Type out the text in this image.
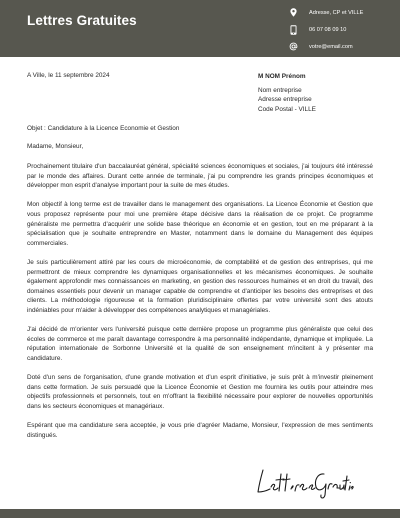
Lettres Gratuites
Adresse, CP et VILLE
06 07 08 09 10
votre@email.com
A Ville, le 11 septembre 2024	M NOM Prénom
Nom entreprise
Adresse entreprise
Code Postal - VILLE
Objet : Candidature à la Licence Economie et Gestion
Madame, Monsieur,

Prochainement titulaire d'un baccalauréat général, spécialité sciences économiques et sociales, j'ai toujours été intéressé par le monde des affaires. Durant cette année de terminale, j'ai pu comprendre les grands principes économiques et développer mon esprit d'analyse important pour la suite de mes études.

Mon objectif à long terme est de travailler dans le management des organisations. La Licence Économie et Gestion que vous proposez représente pour moi une première étape décisive dans la réalisation de ce projet. Ce programme généraliste me permettra d'acquérir une solide base théorique en économie et en gestion, tout en me préparant à la spécialisation que je souhaite entreprendre en Master, notamment dans le domaine du Management des équipes commerciales.

Je suis particulièrement attiré par les cours de microéconomie, de comptabilité et de gestion des entreprises, qui me permettront de mieux comprendre les dynamiques organisationnelles et les mécanismes économiques. Je souhaite également approfondir mes connaissances en marketing, en gestion des ressources humaines et en droit du travail, des domaines essentiels pour devenir un manager capable de comprendre et d'anticiper les besoins des entreprises et des clients. La méthodologie rigoureuse et la formation pluridisciplinaire offertes par votre université sont des atouts indéniables pour m'aider à développer des compétences analytiques et managériales.

J'ai décidé de m'orienter vers l'université puisque cette dernière propose un programme plus généraliste que celui des écoles de commerce et me paraît davantage correspondre à ma personnalité indépendante, dynamique et impliquée. La réputation internationale de Sorbonne Université et la qualité de son enseignement m'incitent à y présenter ma candidature.

Doté d'un sens de l'organisation, d'une grande motivation et d'un esprit d'initiative, je suis prêt à m'investir pleinement dans cette formation. Je suis persuadé que la Licence Économie et Gestion me fournira les outils pour atteindre mes objectifs professionnels et personnels, tout en m'offrant la flexibilité nécessaire pour explorer de nouvelles opportunités dans les secteurs économiques et managériaux.

Espérant que ma candidature sera acceptée, je vous prie d'agréer Madame, Monsieur, l'expression de mes sentiments distingués.
